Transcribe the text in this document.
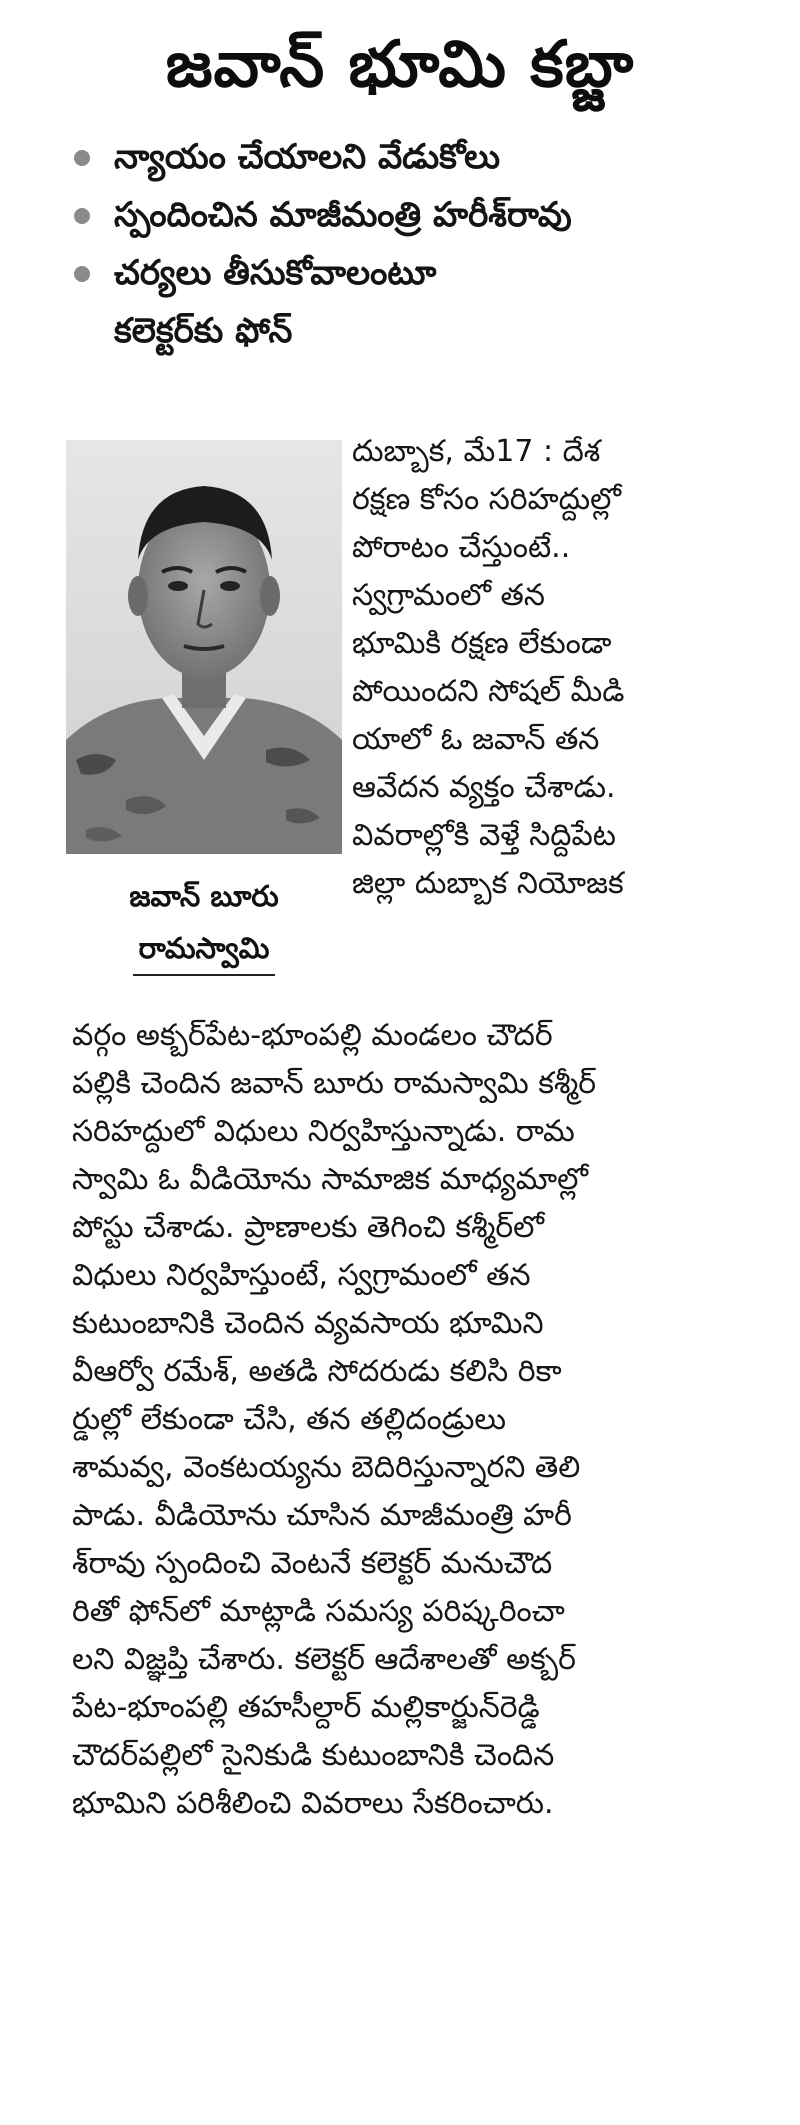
జవాన్ భూమి కబ్జా
న్యాయం చేయాలని వేడుకోలు
స్పందించిన మాజీమంత్రి హరీశ్‌రావు
చర్యలు తీసుకోవాలంటూ
కలెక్టర్‌కు ఫోన్
జవాన్ బూరు
రామస్వామి
దుబ్బాక, మే17 : దేశ
రక్షణ కోసం సరిహద్దుల్లో
పోరాటం చేస్తుంటే..
స్వగ్రామంలో తన
భూమికి రక్షణ లేకుండా
పోయిందని సోషల్ మీడి
యాలో ఓ జవాన్ తన
ఆవేదన వ్యక్తం చేశాడు.
వివరాల్లోకి వెళ్తే సిద్దిపేట
జిల్లా దుబ్బాక నియోజక
వర్గం అక్బర్‌పేట-భూంపల్లి మండలం చౌదర్
పల్లికి చెందిన జవాన్ బూరు రామస్వామి కశ్మీర్
సరిహద్దులో విధులు నిర్వహిస్తున్నాడు. రామ
స్వామి ఓ వీడియోను సామాజిక మాధ్యమాల్లో
పోస్టు చేశాడు. ప్రాణాలకు తెగించి కశ్మీర్‌లో
విధులు నిర్వహిస్తుంటే, స్వగ్రామంలో తన
కుటుంబానికి చెందిన వ్యవసాయ భూమిని
వీఆర్వో రమేశ్, అతడి సోదరుడు కలిసి రికా
ర్డుల్లో లేకుండా చేసి, తన తల్లిదండ్రులు
శామవ్వ, వెంకటయ్యను బెదిరిస్తున్నారని తెలి
పాడు. వీడియోను చూసిన మాజీమంత్రి హరీ
శ్‌రావు స్పందించి వెంటనే కలెక్టర్ మనుచౌద
రితో ఫోన్‌లో మాట్లాడి సమస్య పరిష్కరించా
లని విజ్ఞప్తి చేశారు. కలెక్టర్ ఆదేశాలతో అక్బర్
పేట-భూంపల్లి తహసీల్దార్ మల్లికార్జున్‌రెడ్డి
చౌదర్‌పల్లిలో సైనికుడి కుటుంబానికి చెందిన
భూమిని పరిశీలించి వివరాలు సేకరించారు.
